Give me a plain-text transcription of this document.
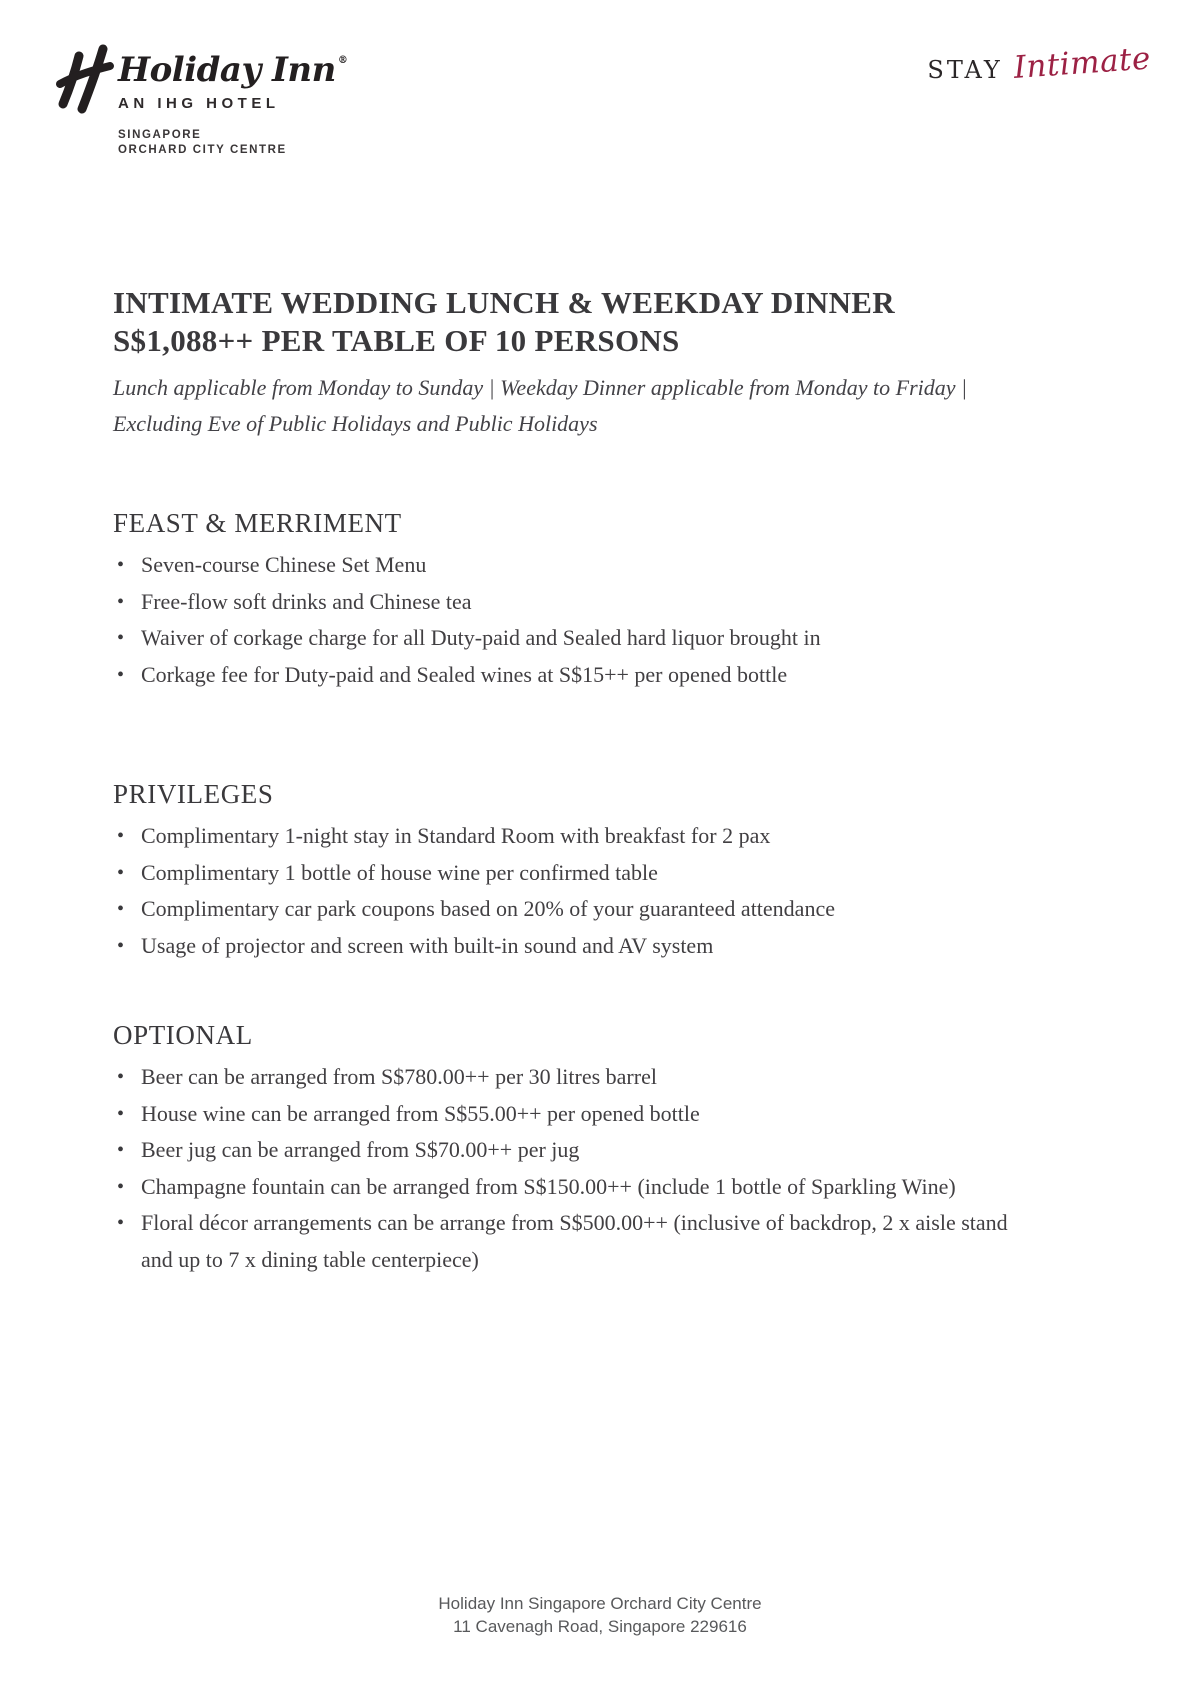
Holiday Inn ®
AN IHG HOTEL
SINGAPORE
ORCHARD CITY CENTRE
STAY Intimate
INTIMATE WEDDING LUNCH & WEEKDAY DINNER
S$1,088++ PER TABLE OF 10 PERSONS
Lunch applicable from Monday to Sunday | Weekday Dinner applicable from Monday to Friday |
Excluding Eve of Public Holidays and Public Holidays
FEAST & MERRIMENT
• Seven-course Chinese Set Menu
• Free-flow soft drinks and Chinese tea
• Waiver of corkage charge for all Duty-paid and Sealed hard liquor brought in
• Corkage fee for Duty-paid and Sealed wines at S$15++ per opened bottle
PRIVILEGES
• Complimentary 1-night stay in Standard Room with breakfast for 2 pax
• Complimentary 1 bottle of house wine per confirmed table
• Complimentary car park coupons based on 20% of your guaranteed attendance
• Usage of projector and screen with built-in sound and AV system
OPTIONAL
• Beer can be arranged from S$780.00++ per 30 litres barrel
• House wine can be arranged from S$55.00++ per opened bottle
• Beer jug can be arranged from S$70.00++ per jug
• Champagne fountain can be arranged from S$150.00++ (include 1 bottle of Sparkling Wine)
• Floral décor arrangements can be arrange from S$500.00++ (inclusive of backdrop, 2 x aisle stand and up to 7 x dining table centerpiece)
Holiday Inn Singapore Orchard City Centre
11 Cavenagh Road, Singapore 229616
